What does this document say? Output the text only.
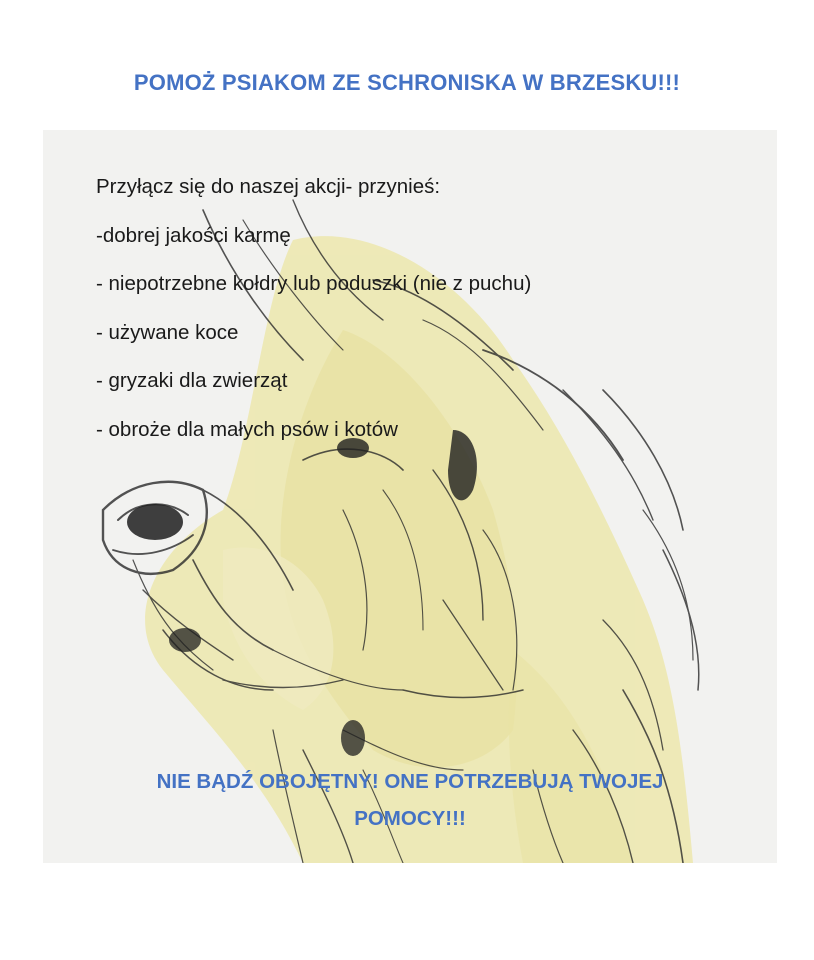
POMOŻ PSIAKOM ZE SCHRONISKA W BRZESKU!!!
Przyłącz się do naszej akcji- przynieś:
-dobrej jakości karmę
- niepotrzebne kołdry lub poduszki (nie z puchu)
- używane koce
- gryzaki dla zwierząt
- obroże dla małych psów i kotów
NIE BĄDŹ OBOJĘTNY! ONE POTRZEBUJĄ TWOJEJ
POMOCY!!!
